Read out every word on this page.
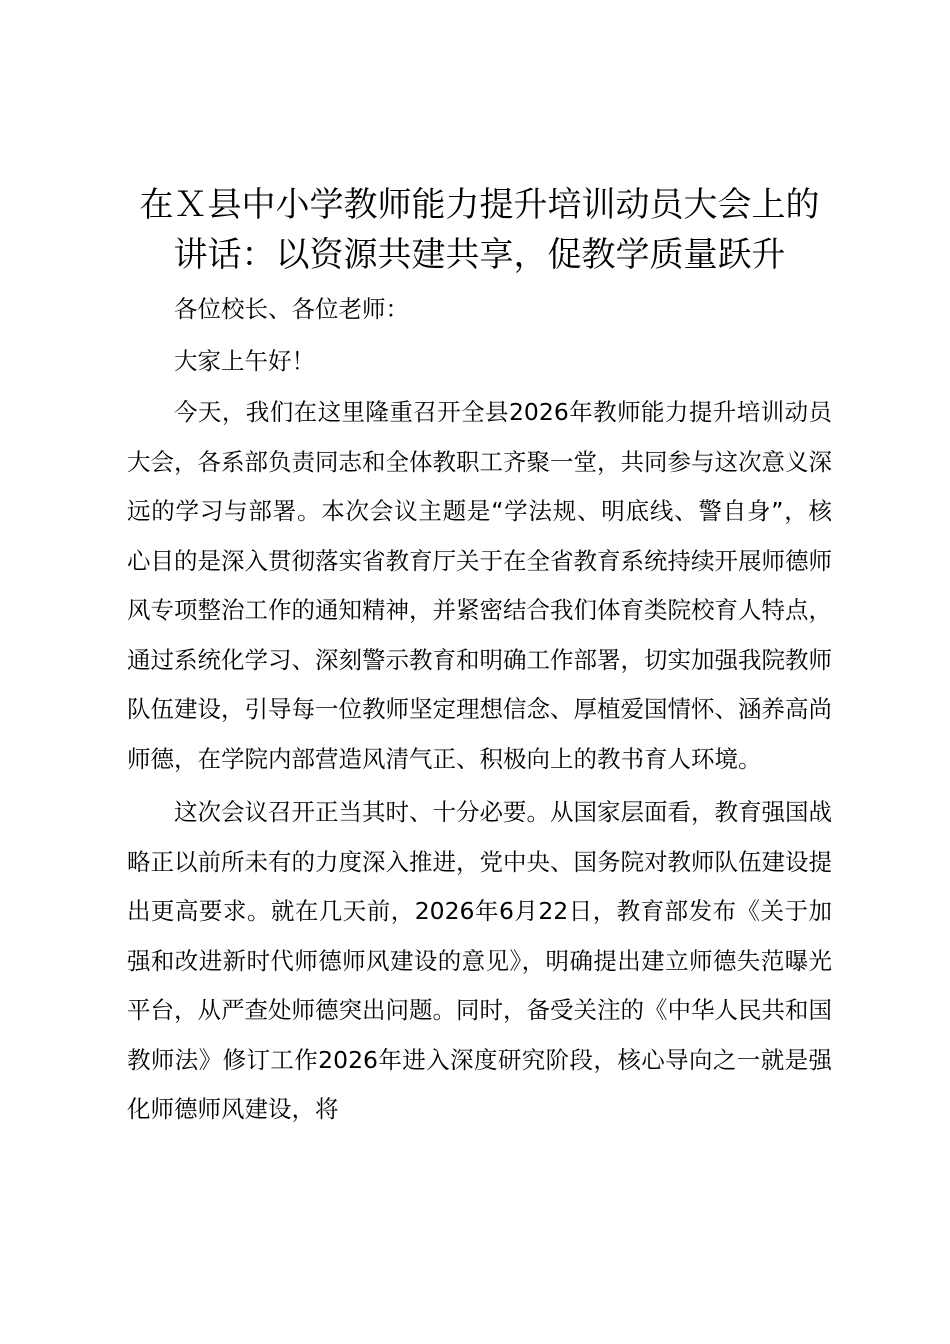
在Ｘ县中小学教师能力提升培训动员大会上的
讲话：以资源共建共享，促教学质量跃升

各位校长、各位老师：

大家上午好！

今天，我们在这里隆重召开全县2026年教师能力提升培训动员大会，各系部负责同志和全体教职工齐聚一堂，共同参与这次意义深远的学习与部署。本次会议主题是“学法规、明底线、警自身”，核心目的是深入贯彻落实省教育厅关于在全省教育系统持续开展师德师风专项整治工作的通知精神，并紧密结合我们体育类院校育人特点，通过系统化学习、深刻警示教育和明确工作部署，切实加强我院教师队伍建设，引导每一位教师坚定理想信念、厚植爱国情怀、涵养高尚师德，在学院内部营造风清气正、积极向上的教书育人环境。

这次会议召开正当其时、十分必要。从国家层面看，教育强国战略正以前所未有的力度深入推进，党中央、国务院对教师队伍建设提出更高要求。就在几天前，2026年6月22日，教育部发布《关于加强和改进新时代师德师风建设的意见》，明确提出建立师德失范曝光平台，从严查处师德突出问题。同时，备受关注的《中华人民共和国教师法》修订工作2026年进入深度研究阶段，核心导向之一就是强化师德师风建设，将
